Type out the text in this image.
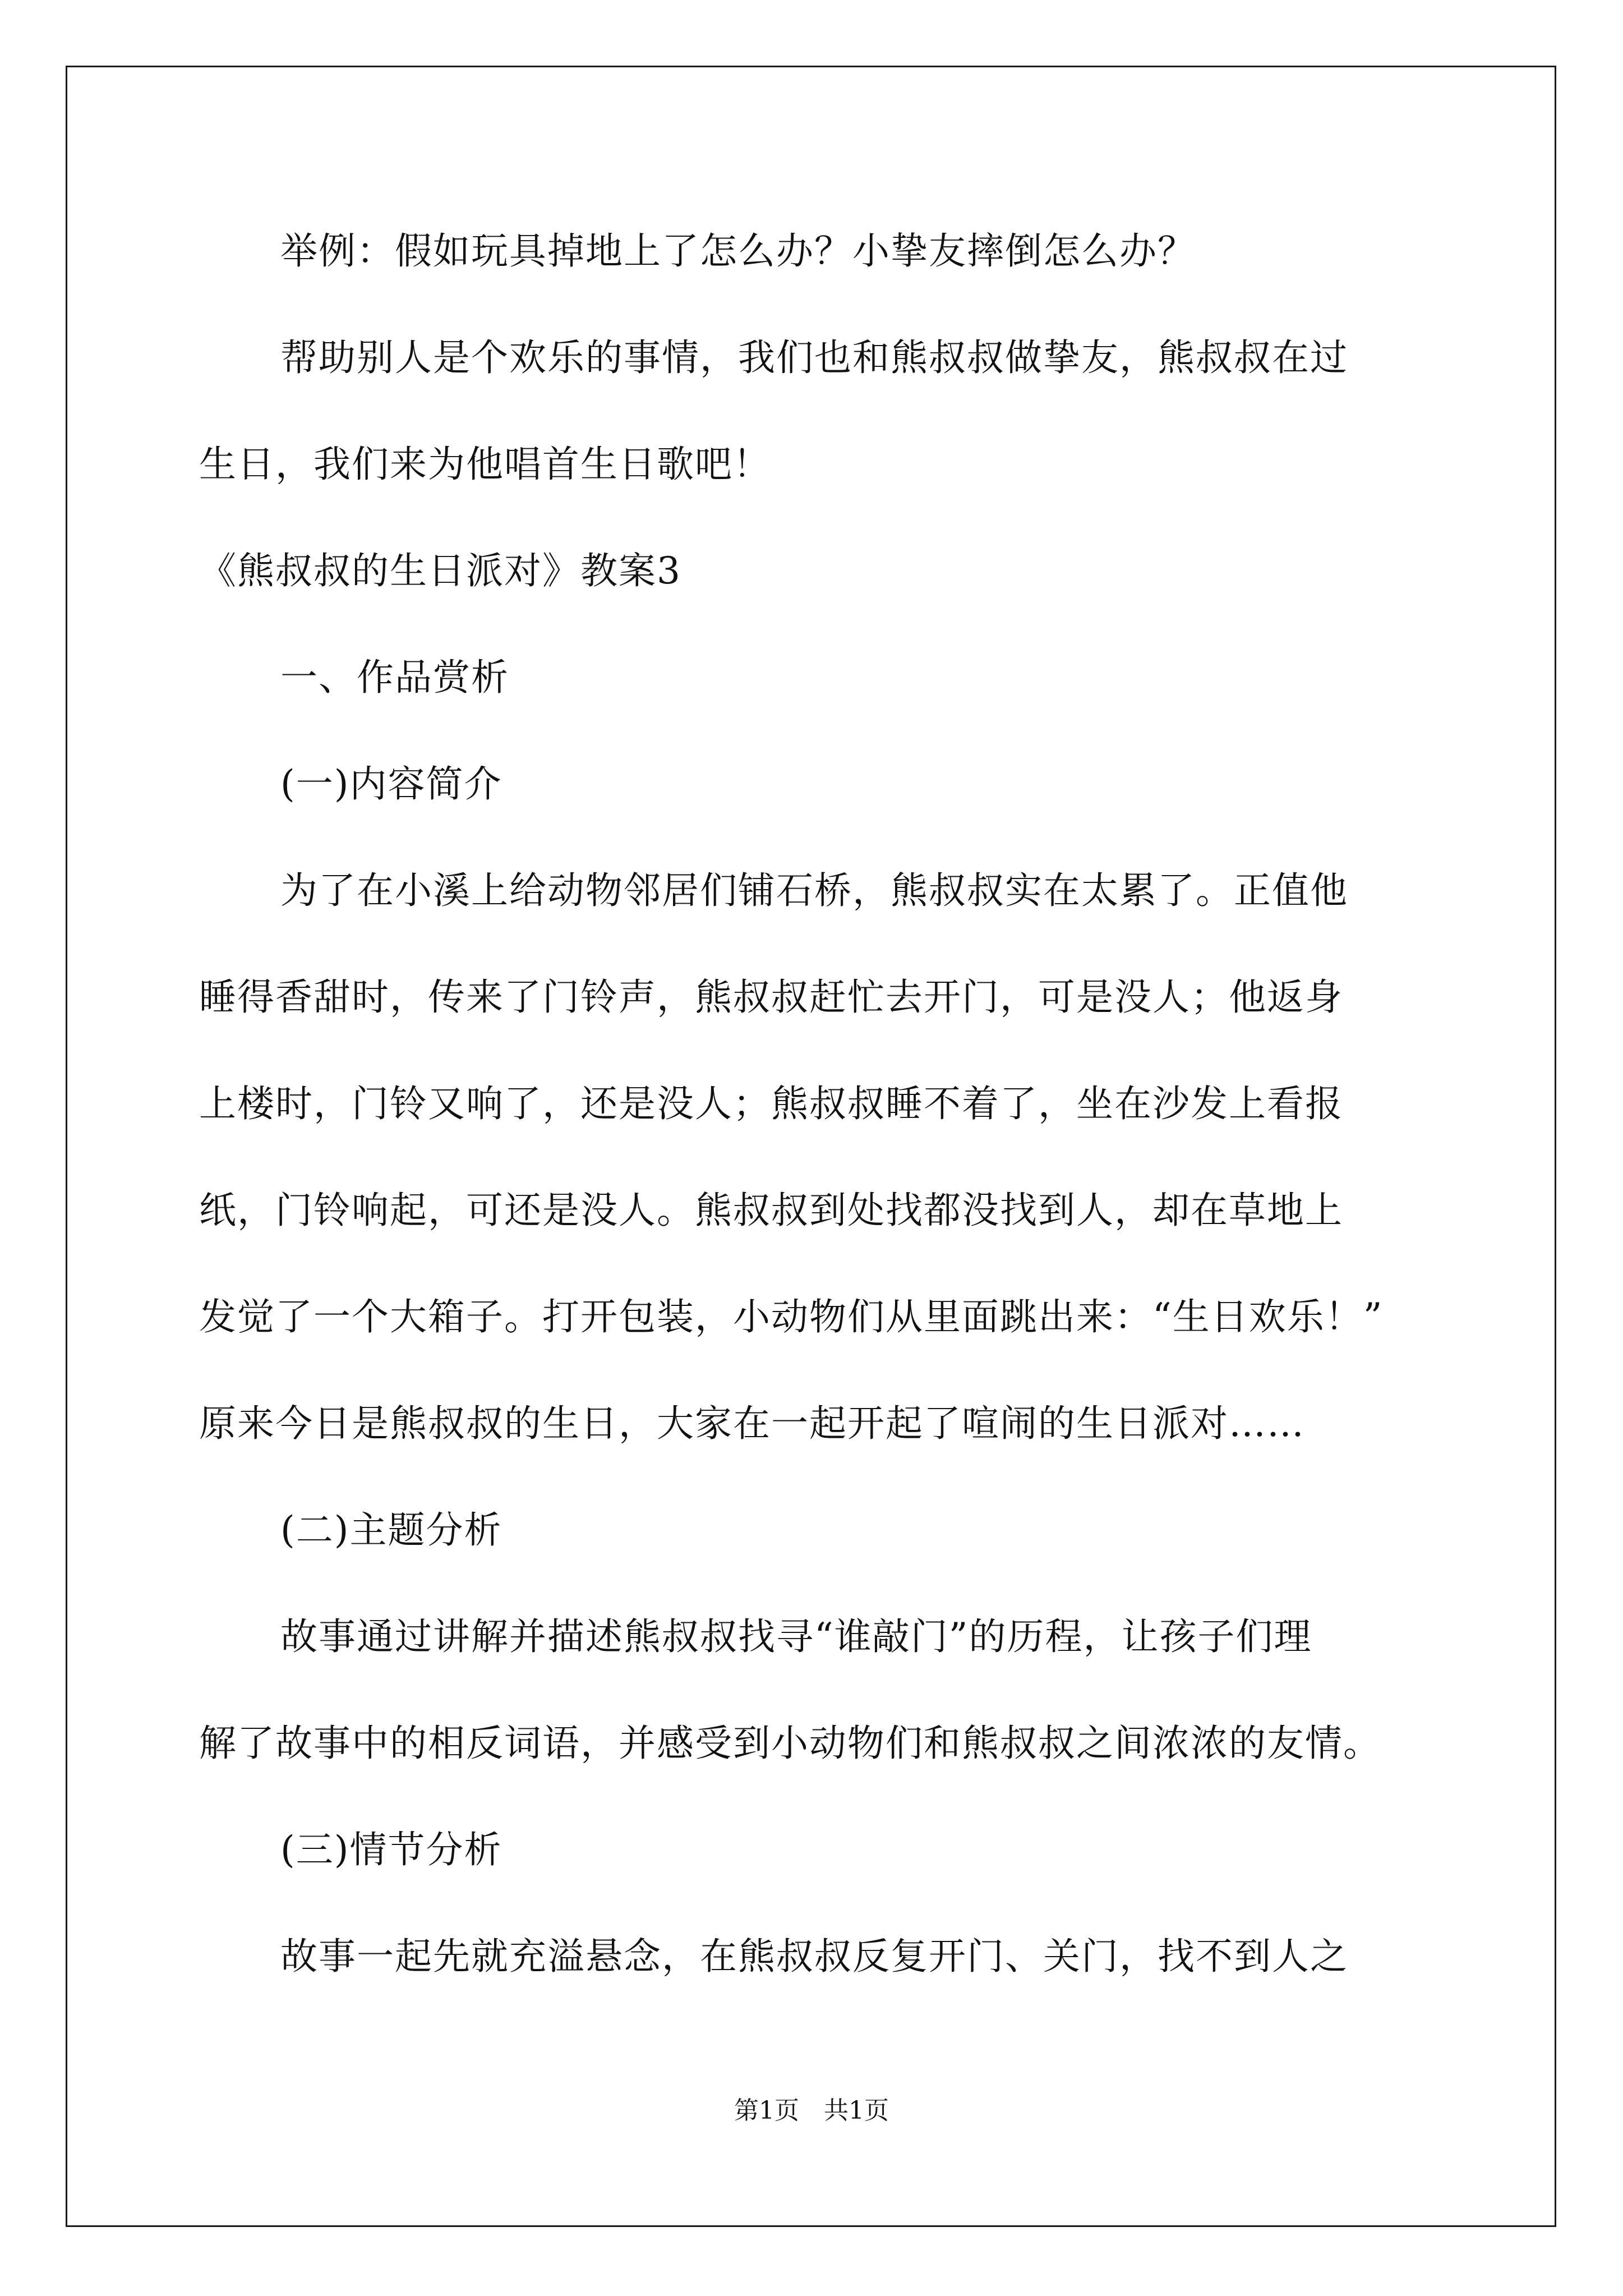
举例：假如玩具掉地上了怎么办？小挚友摔倒怎么办？
帮助别人是个欢乐的事情，我们也和熊叔叔做挚友，熊叔叔在过
生日，我们来为他唱首生日歌吧！
《熊叔叔的生日派对》教案3
一、作品赏析
(一)内容简介
为了在小溪上给动物邻居们铺石桥，熊叔叔实在太累了。正值他
睡得香甜时，传来了门铃声，熊叔叔赶忙去开门，可是没人；他返身
上楼时，门铃又响了，还是没人；熊叔叔睡不着了，坐在沙发上看报
纸，门铃响起，可还是没人。熊叔叔到处找都没找到人，却在草地上
发觉了一个大箱子。打开包装，小动物们从里面跳出来：“生日欢乐！”
原来今日是熊叔叔的生日，大家在一起开起了喧闹的生日派对……
(二)主题分析
故事通过讲解并描述熊叔叔找寻“谁敲门”的历程，让孩子们理
解了故事中的相反词语，并感受到小动物们和熊叔叔之间浓浓的友情。
(三)情节分析
故事一起先就充溢悬念，在熊叔叔反复开门、关门，找不到人之
第1页　共1页
